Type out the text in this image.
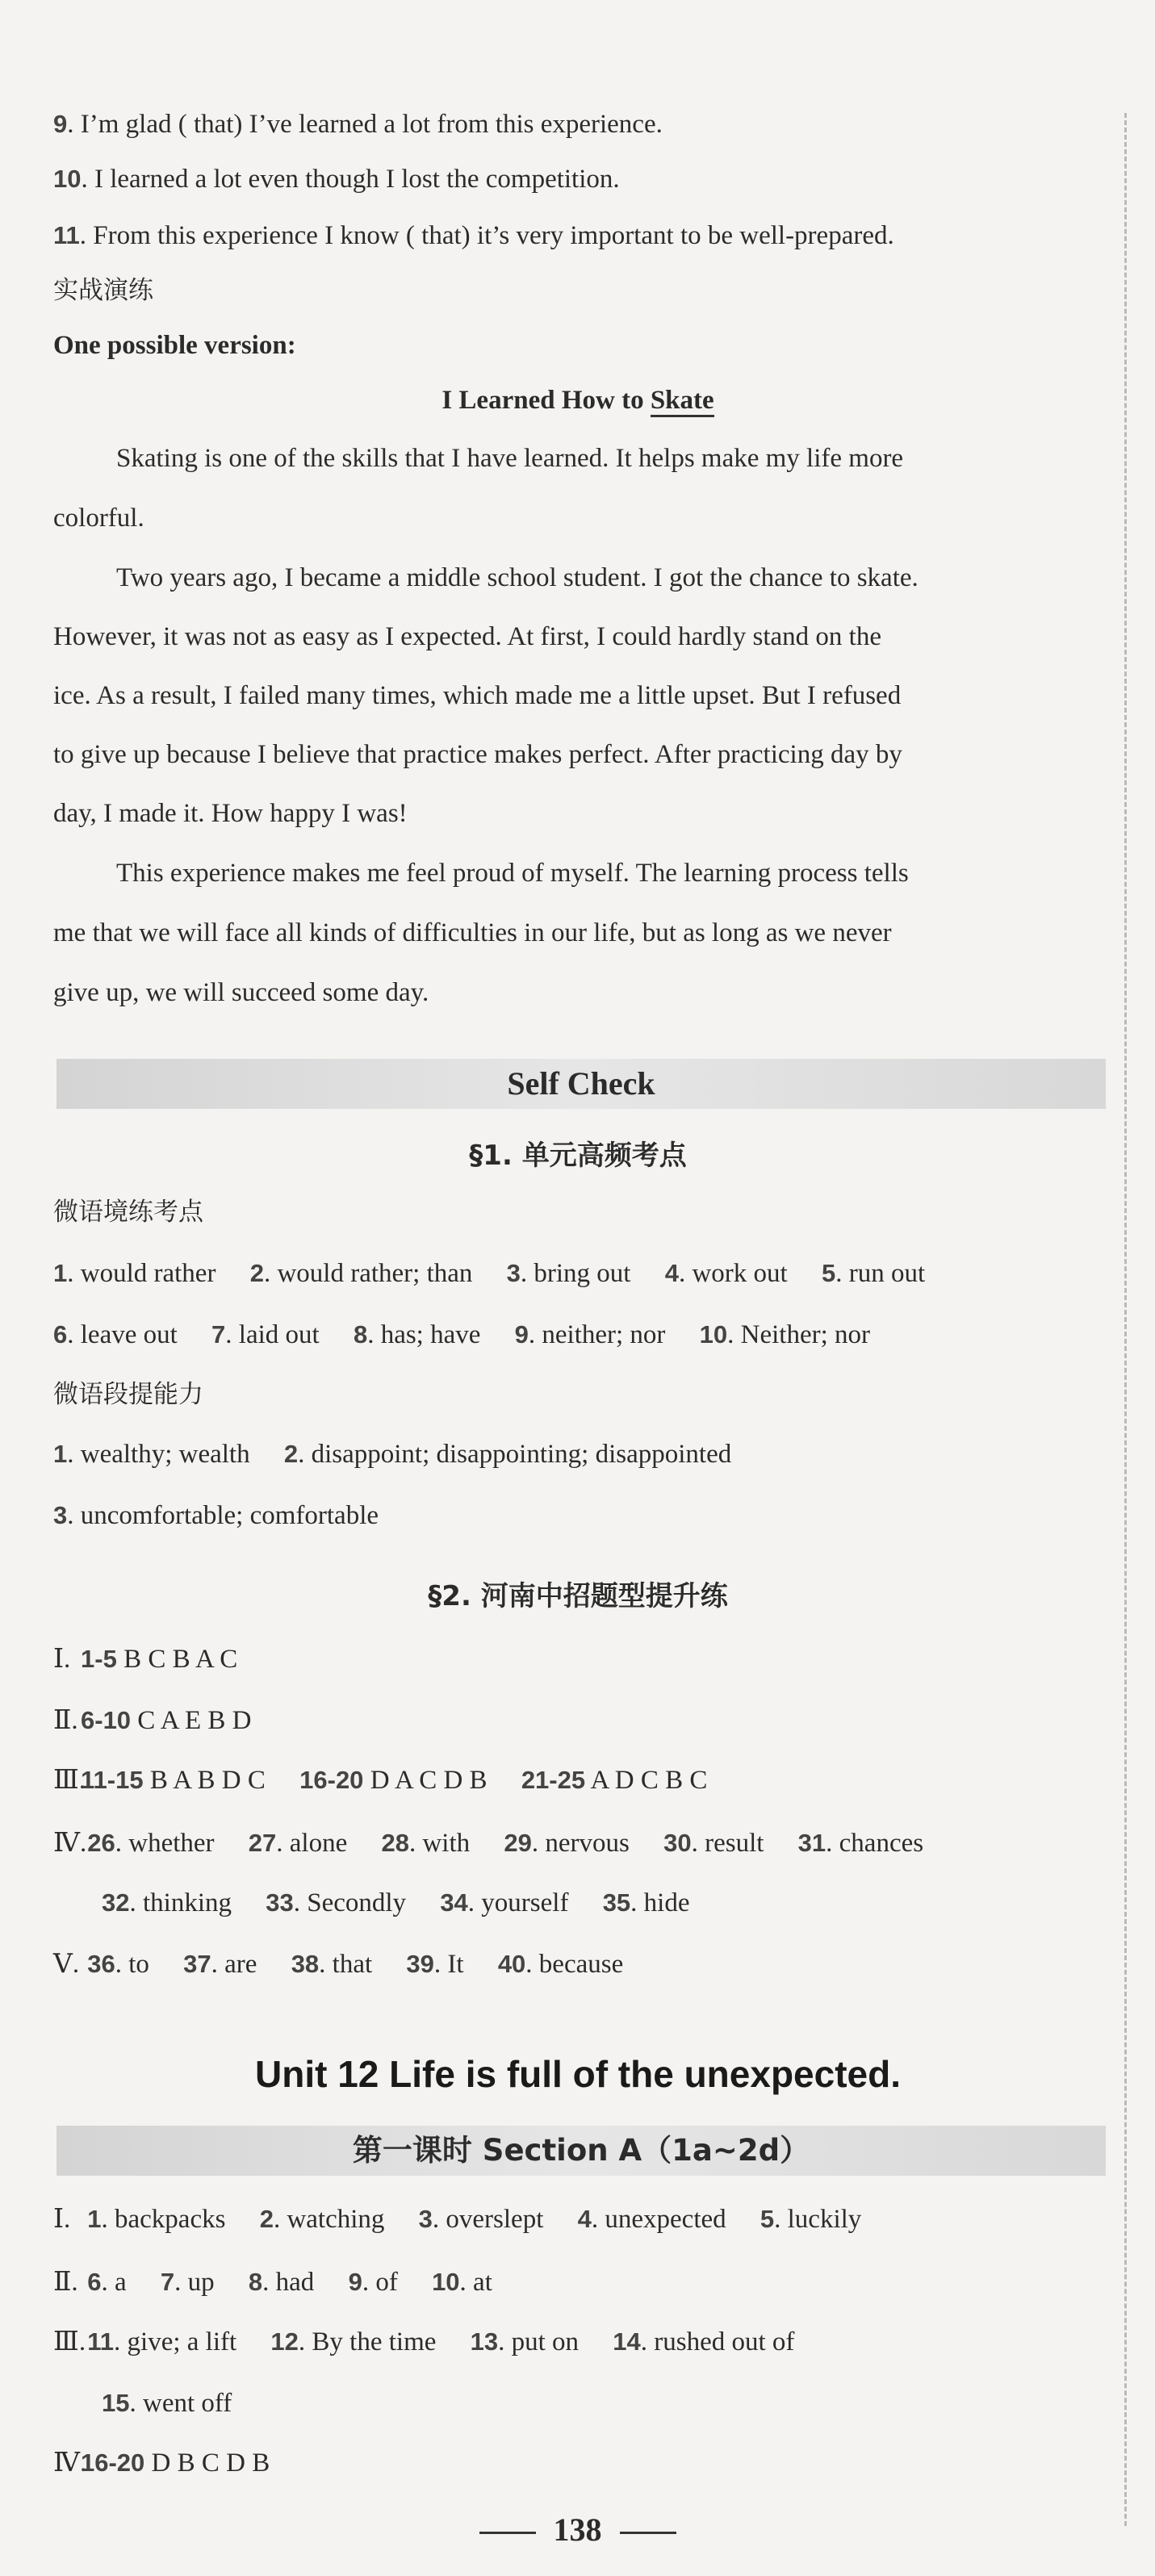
9. I’m glad ( that) I’ve learned a lot from this experience.
10. I learned a lot even though I lost the competition.
11. From this experience I know ( that) it’s very important to be well-prepared.
实战演练
One possible version:
I Learned How to Skate
Skating is one of the skills that I have learned. It helps make my life more
colorful.
Two years ago, I became a middle school student. I got the chance to skate.
However, it was not as easy as I expected. At first, I could hardly stand on the
ice. As a result, I failed many times, which made me a little upset. But I refused
to give up because I believe that practice makes perfect. After practicing day by
day, I made it. How happy I was!
This experience makes me feel proud of myself. The learning process tells
me that we will face all kinds of difficulties in our life, but as long as we never
give up, we will succeed some day.
Self Check
§1. 单元高频考点
微语境练考点
1. would rather 2. would rather; than 3. bring out 4. work out 5. run out
6. leave out 7. laid out 8. has; have 9. neither; nor 10. Neither; nor
微语段提能力
1. wealthy; wealth 2. disappoint; disappointing; disappointed
3. uncomfortable; comfortable
§2. 河南中招题型提升练
Ⅰ. 1-5 B C B A C
Ⅱ. 6-10 C A E B D
Ⅲ.11-15 B A B D C 16-20 D A C D B 21-25 A D C B C
Ⅳ. 26. whether 27. alone 28. with 29. nervous 30. result 31. chances
32. thinking 33. Secondly 34. yourself 35. hide
Ⅴ. 36. to 37. are 38. that 39. It 40. because
Unit 12 Life is full of the unexpected.
第一课时 Section A（1a~2d）
Ⅰ. 1. backpacks 2. watching 3. overslept 4. unexpected 5. luckily
Ⅱ. 6. a 7. up 8. had 9. of 10. at
Ⅲ. 11. give; a lift 12. By the time 13. put on 14. rushed out of
15. went off
Ⅳ.16-20 D B C D B
138
